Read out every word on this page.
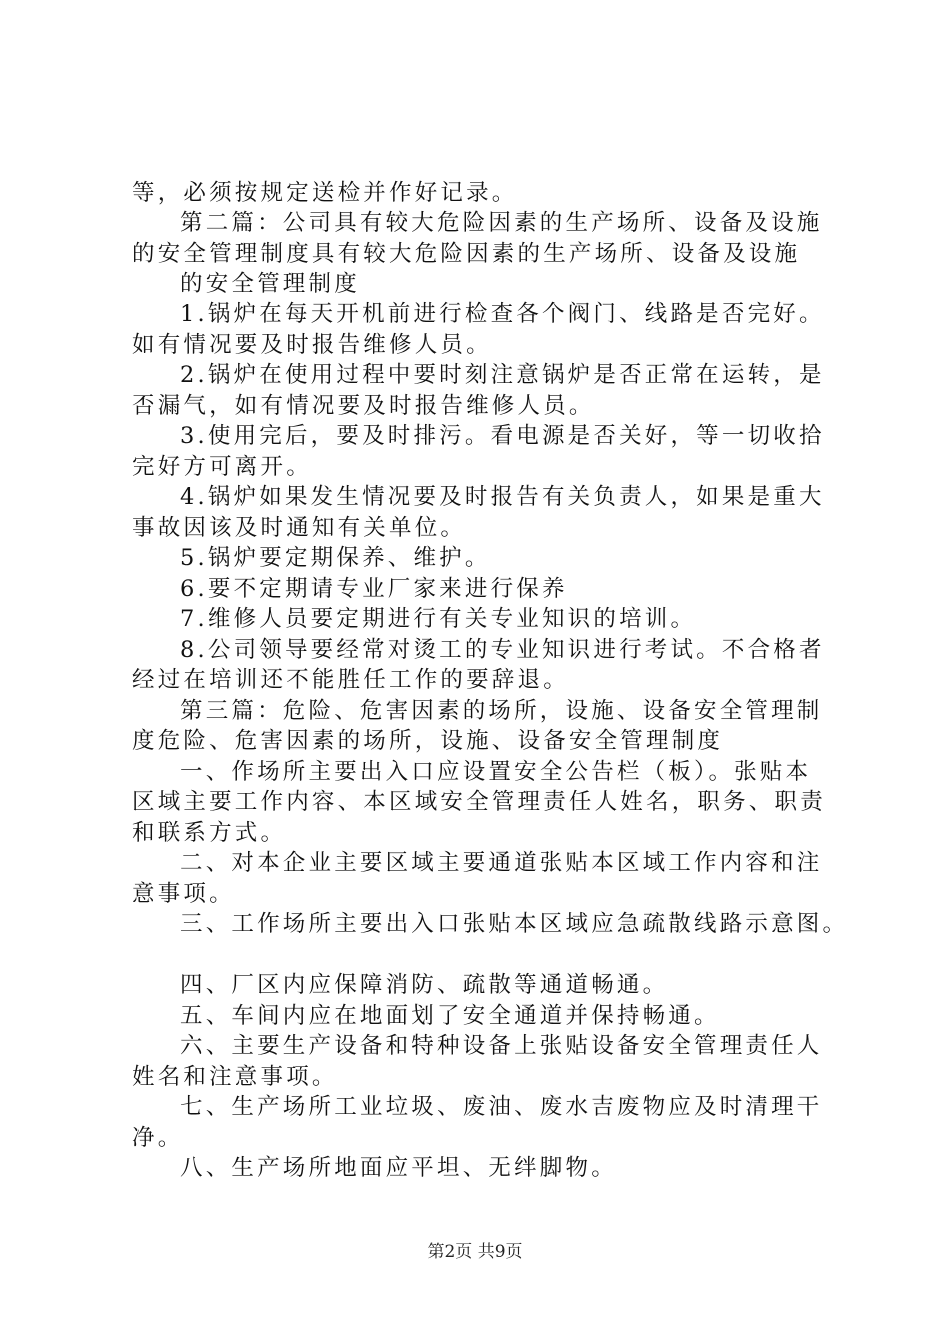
等，必须按规定送检并作好记录。
第二篇：公司具有较大危险因素的生产场所、设备及设施
的安全管理制度具有较大危险因素的生产场所、设备及设施
的安全管理制度
1.锅炉在每天开机前进行检查各个阀门、线路是否完好。
如有情况要及时报告维修人员。
2.锅炉在使用过程中要时刻注意锅炉是否正常在运转，是
否漏气，如有情况要及时报告维修人员。
3.使用完后，要及时排污。看电源是否关好，等一切收拾
完好方可离开。
4.锅炉如果发生情况要及时报告有关负责人，如果是重大
事故因该及时通知有关单位。
5.锅炉要定期保养、维护。
6.要不定期请专业厂家来进行保养
7.维修人员要定期进行有关专业知识的培训。
8.公司领导要经常对烫工的专业知识进行考试。不合格者
经过在培训还不能胜任工作的要辞退。
第三篇：危险、危害因素的场所，设施、设备安全管理制
度危险、危害因素的场所，设施、设备安全管理制度
一、作场所主要出入口应设置安全公告栏（板）。张贴本
区域主要工作内容、本区域安全管理责任人姓名，职务、职责
和联系方式。
二、对本企业主要区域主要通道张贴本区域工作内容和注
意事项。
三、工作场所主要出入口张贴本区域应急疏散线路示意图。
四、厂区内应保障消防、疏散等通道畅通。
五、车间内应在地面划了安全通道并保持畅通。
六、主要生产设备和特种设备上张贴设备安全管理责任人
姓名和注意事项。
七、生产场所工业垃圾、废油、废水吉废物应及时清理干
净。
八、生产场所地面应平坦、无绊脚物。
第2页 共9页
